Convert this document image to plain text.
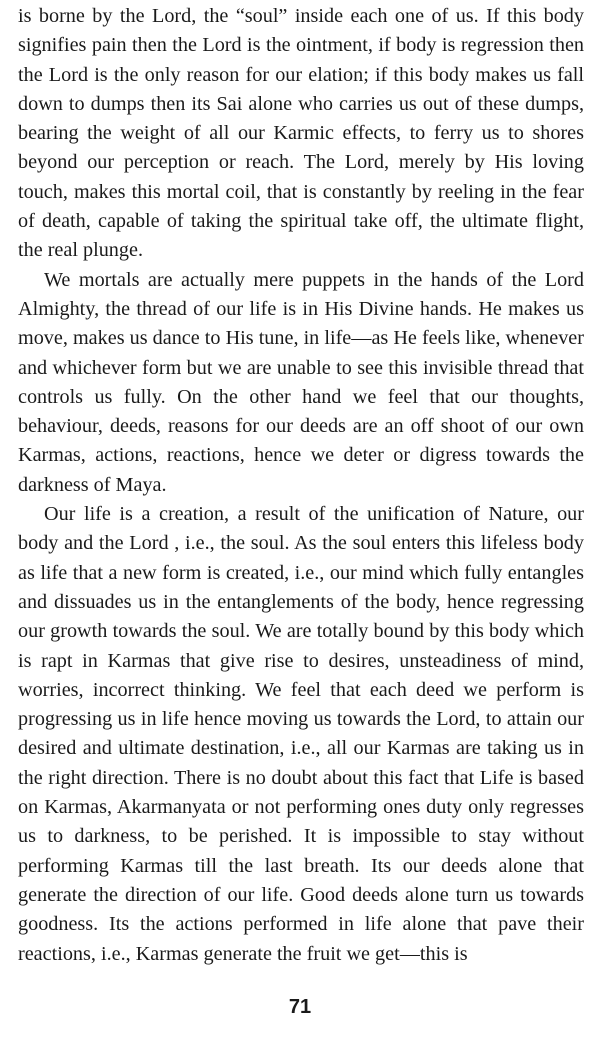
is borne by the Lord, the “soul” inside each one of us. If this body signifies pain then the Lord is the ointment, if body is regression then the Lord is the only reason for our elation; if this body makes us fall down to dumps then its Sai alone who carries us out of these dumps, bearing the weight of all our Karmic effects, to ferry us to shores beyond our perception or reach. The Lord, merely by His loving touch, makes this mortal coil, that is constantly by reeling in the fear of death, capable of taking the spiritual take off, the ultimate flight, the real plunge.

We mortals are actually mere puppets in the hands of the Lord Almighty, the thread of our life is in His Divine hands. He makes us move, makes us dance to His tune, in life—as He feels like, whenever and whichever form but we are unable to see this invisible thread that controls us fully. On the other hand we feel that our thoughts, behaviour, deeds, reasons for our deeds are an off shoot of our own Karmas, actions, reactions, hence we deter or digress towards the darkness of Maya.

Our life is a creation, a result of the unification of Nature, our body and the Lord , i.e., the soul. As the soul enters this lifeless body as life that a new form is created, i.e., our mind which fully entangles and dissuades us in the entanglements of the body, hence regressing our growth towards the soul. We are totally bound by this body which is rapt in Karmas that give rise to desires, unsteadiness of mind, worries, incorrect thinking. We feel that each deed we perform is progressing us in life hence moving us towards the Lord, to attain our desired and ultimate destination, i.e., all our Karmas are taking us in the right direction. There is no doubt about this fact that Life is based on Karmas, Akarmanyata or not performing ones duty only regresses us to darkness, to be perished. It is impossible to stay without performing Karmas till the last breath. Its our deeds alone that generate the direction of our life. Good deeds alone turn us towards goodness. Its the actions performed in life alone that pave their reactions, i.e., Karmas generate the fruit we get—this is

71
